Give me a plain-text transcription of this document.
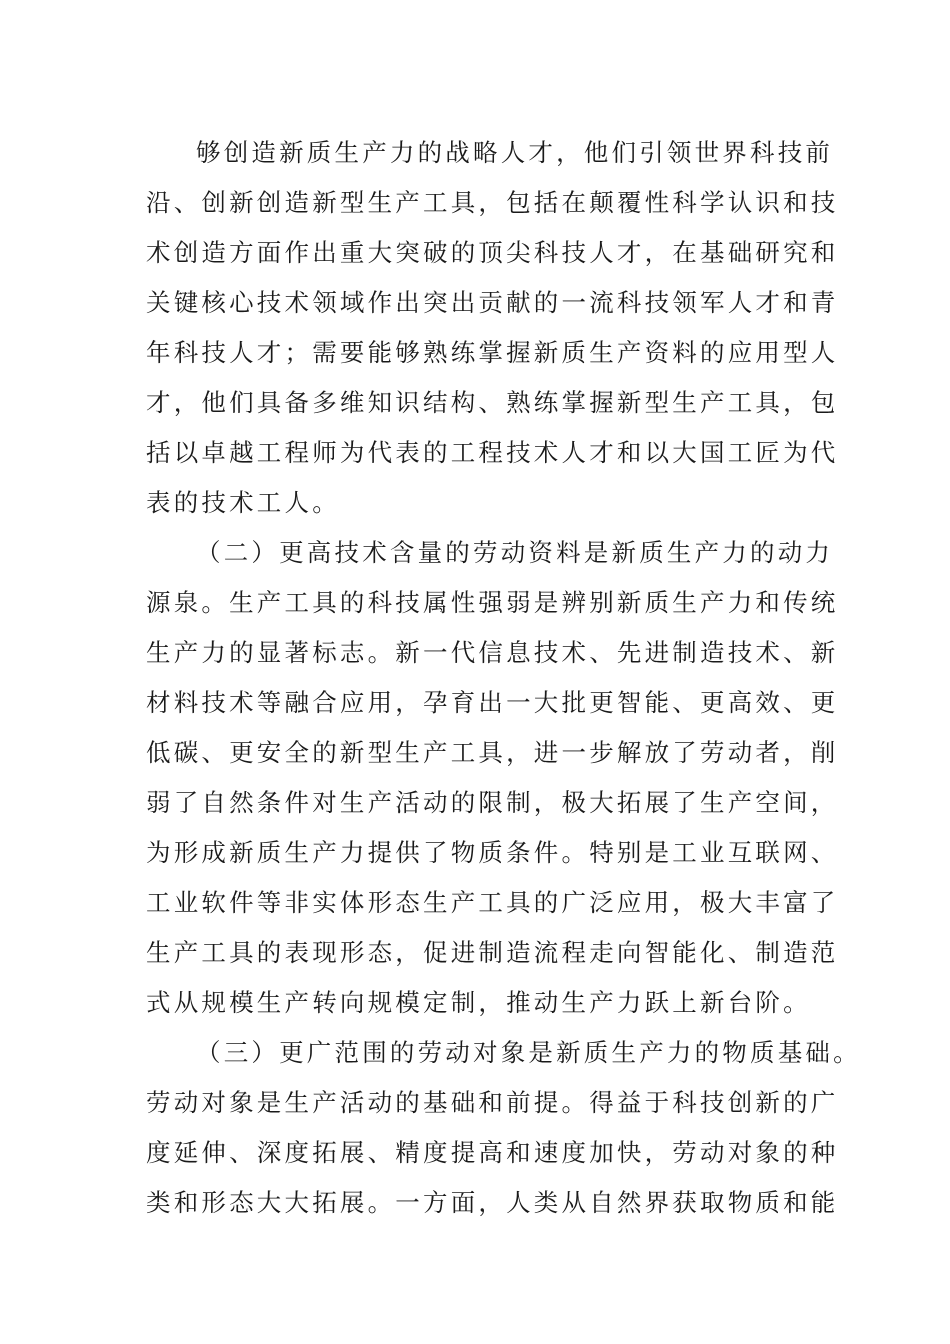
够创造新质生产力的战略人才，他们引领世界科技前
沿、创新创造新型生产工具，包括在颠覆性科学认识和技
术创造方面作出重大突破的顶尖科技人才，在基础研究和
关键核心技术领域作出突出贡献的一流科技领军人才和青
年科技人才；需要能够熟练掌握新质生产资料的应用型人
才，他们具备多维知识结构、熟练掌握新型生产工具，包
括以卓越工程师为代表的工程技术人才和以大国工匠为代
表的技术工人。
（二）更高技术含量的劳动资料是新质生产力的动力
源泉。生产工具的科技属性强弱是辨别新质生产力和传统
生产力的显著标志。新一代信息技术、先进制造技术、新
材料技术等融合应用，孕育出一大批更智能、更高效、更
低碳、更安全的新型生产工具，进一步解放了劳动者，削
弱了自然条件对生产活动的限制，极大拓展了生产空间，
为形成新质生产力提供了物质条件。特别是工业互联网、
工业软件等非实体形态生产工具的广泛应用，极大丰富了
生产工具的表现形态，促进制造流程走向智能化、制造范
式从规模生产转向规模定制，推动生产力跃上新台阶。
（三）更广范围的劳动对象是新质生产力的物质基础。
劳动对象是生产活动的基础和前提。得益于科技创新的广
度延伸、深度拓展、精度提高和速度加快，劳动对象的种
类和形态大大拓展。一方面，人类从自然界获取物质和能
